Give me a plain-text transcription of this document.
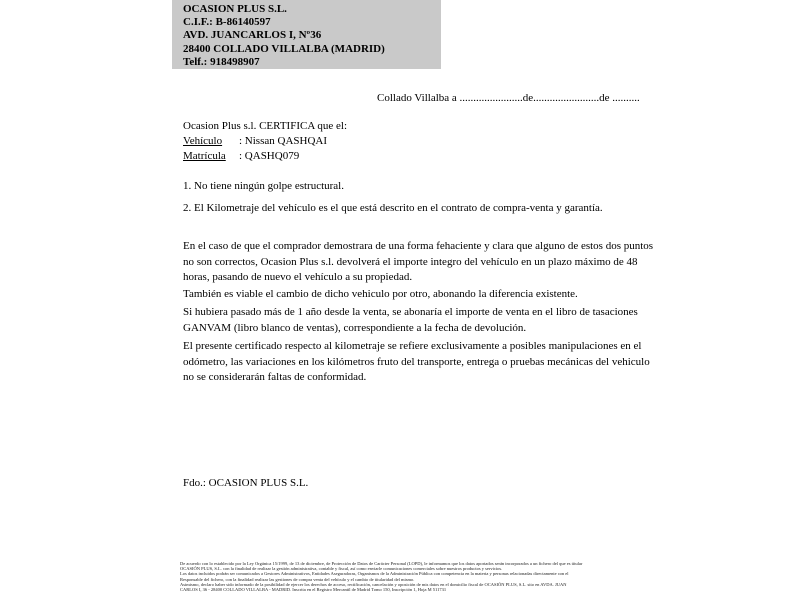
OCASION PLUS S.L.
C.I.F.: B-86140597
AVD. JUANCARLOS I, Nº36
28400 COLLADO VILLALBA (MADRID)
Telf.: 918498907
Collado Villalba a .......................de........................de ..........
Ocasion Plus s.l. CERTIFICA que el:
Vehículo : Nissan QASHQAI
Matrícula : QASHQ079
1. No tiene ningún golpe estructural.
2. El Kilometraje del vehículo es el que está descrito en el contrato de compra-venta y garantía.
En el caso de que el comprador demostrara de una forma fehaciente y clara que alguno de estos dos puntos no son correctos, Ocasion Plus s.l. devolverá el importe integro del vehículo en un plazo máximo de 48 horas, pasando de nuevo el vehículo a su propiedad.
También es viable el cambio de dicho vehiculo por otro, abonando la diferencia existente.
Si hubiera pasado más de 1 año desde la venta, se abonaría el importe de venta en el libro de tasaciones GANVAM (libro blanco de ventas), correspondiente a la fecha de devolución.
El presente certificado respecto al kilometraje se refiere exclusivamente a posibles manipulaciones en el odómetro, las variaciones en los kilómetros fruto del transporte, entrega o pruebas mecánicas del vehiculo no se considerarán faltas de conformidad.
Fdo.: OCASION PLUS S.L.
De acuerdo con lo establecido por la Ley Orgánica 15/1999, de 13 de diciembre, de Protección de Datos de Carácter Personal (LOPD), le informamos que los datos aportados serán incorporados a un fichero del que es titular
OCASIÓN PLUS, S.L. con la finalidad de realizar la gestión administrativa, contable y fiscal, así como enviarle comunicaciones comerciales sobre nuestros productos y servicios.
Los datos incluidos podrán ser comunicados a Gestores Administrativos, Entidades Aseguradoras, Organismos de la Administración Pública con competencia en la materia y personas relacionadas directamente con el
Responsable del fichero, con la finalidad realizar las gestiones de compra venta del vehículo y el cambio de titularidad del mismo.
Asimismo, declaro haber sido informado de la posibilidad de ejercer los derechos de acceso, rectificación, cancelación y oposición de mis datos en el domicilio fiscal de OCASIÓN PLUS, S.L. sito en AVDA. JUAN
CARLOS I, 36 - 28400 COLLADO VILLALBA - MADRID. Inscrita en el Registro Mercantil de Madrid Tomo 150, Inscripción 1, Hoja M 511731
